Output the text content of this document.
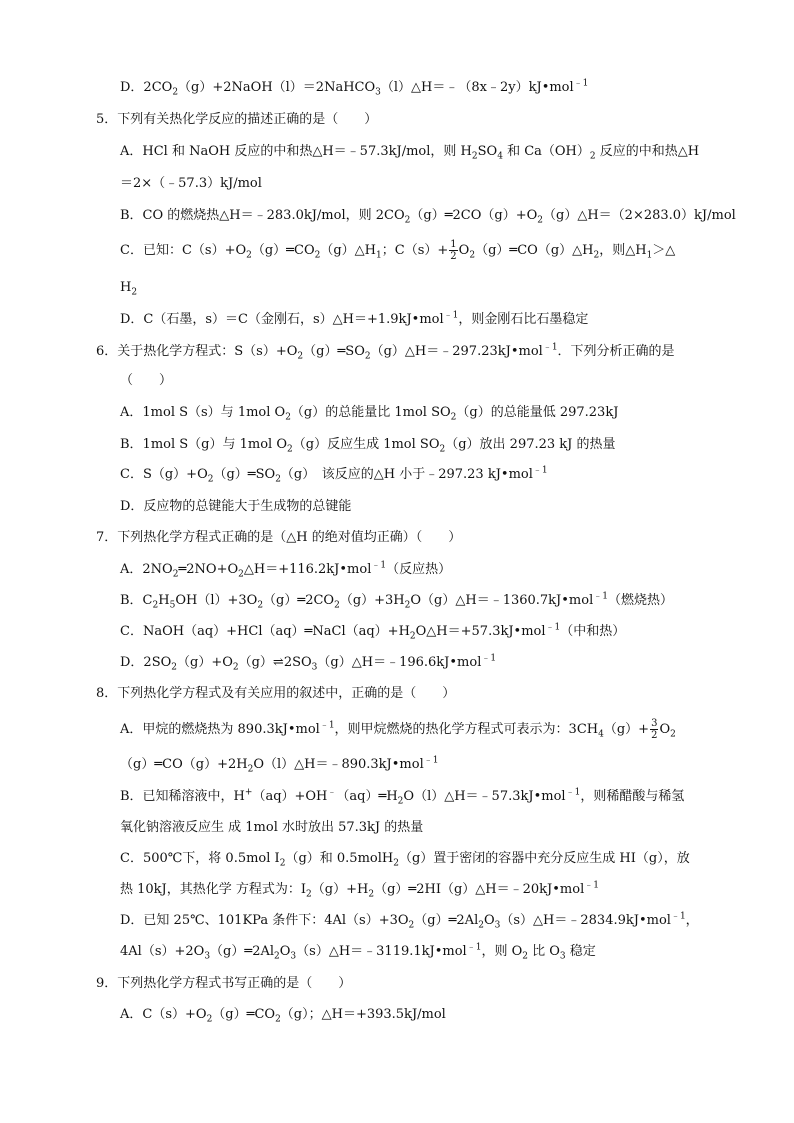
D．$2CO_2(g)+2NaOH(l)=2NaHCO_3(l)\triangle H=﹣(8x﹣2y)kJ•mol^{﹣1}$
5．下列有关热化学反应的描述正确的是（　　）
A．HCl 和 NaOH 反应的中和热△H＝﹣57.3kJ/mol，则 $H_2SO_4$ 和 $Ca(OH)_2$ 反应的中和热△H
＝2×（﹣57.3）kJ/mol
B．CO 的燃烧热△H＝﹣283.0kJ/mol，则 $2CO_2(g)═2CO(g)+O_2(g)\triangle H=(2\times 283.0)kJ$/mol
C．已知：$C(s)+O_2(g)═CO_2(g)\triangle H_1$；$C(s)+ \frac{1}{2}$ $O_2(g)═CO(g)\triangle H_2$，则$\triangle H_1>\triangle$
$H_2$
D．C（石墨，s）＝C（金刚石，s）△H＝+1.9kJ•mol$^{﹣1}$，则金刚石比石墨稳定
6．关于热化学方程式：$S(s)+O_2(g)═SO_2(g)\triangle H=﹣297.23kJ•mol^{﹣1}$．下列分析正确的是
（　　）
A．1mol S（s）与 1mol $O_2(g)$的总能量比 1mol $SO_2(g)$的总能量低 297.23kJ
B．1mol S（g）与 1mol $O_2(g)$反应生成 1mol $SO_2(g)$放出 297.23 kJ 的热量
C．$S(g)+O_2(g)═SO_2(g)$　该反应的△H 小于﹣297.23 kJ•mol$^{﹣1}$
D．反应物的总键能大于生成物的总键能
7．下列热化学方程式正确的是（△H 的绝对值均正确）（　　）
A．$2NO_2═2NO+O_2\triangle H=+116.2kJ•mol^{﹣1}$（反应热）
B．$C_2H_5OH(l)+3O_2(g)═2CO_2(g)+3H_2O(g)\triangle H=﹣1360.7kJ•mol^{﹣1}$（燃烧热）
C．$NaOH(aq)+HCl(aq)═NaCl(aq)+H_2O\triangle H=+57.3kJ•mol^{﹣1}$（中和热）
D．$2SO_2(g)+O_2(g)\rightleftharpoons 2SO_3(g)\triangle H=﹣196.6kJ•mol^{﹣1}$
8．下列热化学方程式及有关应用的叙述中，正确的是（　　）
A．甲烷的燃烧热为 890.3kJ•mol$^{﹣1}$，则甲烷燃烧的热化学方程式可表示为：$3CH_4(g)+ \frac{3}{2} O_2$
$(g)═CO(g)+2H_2O(l)\triangle H=﹣890.3kJ•mol^{﹣1}$
B．已知稀溶液中，$H^+(aq)+OH^﹣(aq)═H_2O(l)\triangle H=﹣57.3kJ•mol^{﹣1}$，则稀醋酸与稀氢
氧化钠溶液反应生 成 1mol 水时放出 57.3kJ 的热量
C．500℃下，将 0.5mol $I_2(g)$和 0.5molH$_2$（g）置于密闭的容器中充分反应生成 HI（g），放
热 10kJ，其热化学 方程式为：$I_2(g)+H_2(g)═2HI(g)\triangle H=﹣20kJ•mol^{﹣1}$
D．已知 25℃、101KPa 条件下：$4Al(s)+3O_2(g)═2Al_2O_3(s)\triangle H=﹣2834.9kJ•mol^{﹣1}$，
$4Al(s)+2O_3(g)═2Al_2O_3(s)\triangle H=﹣3119.1kJ•mol^{﹣1}$，则 $O_2$ 比 $O_3$ 稳定
9．下列热化学方程式书写正确的是（　　）
A．$C(s)+O_2(g)═CO_2(g)$；△H＝+393.5kJ/mol
